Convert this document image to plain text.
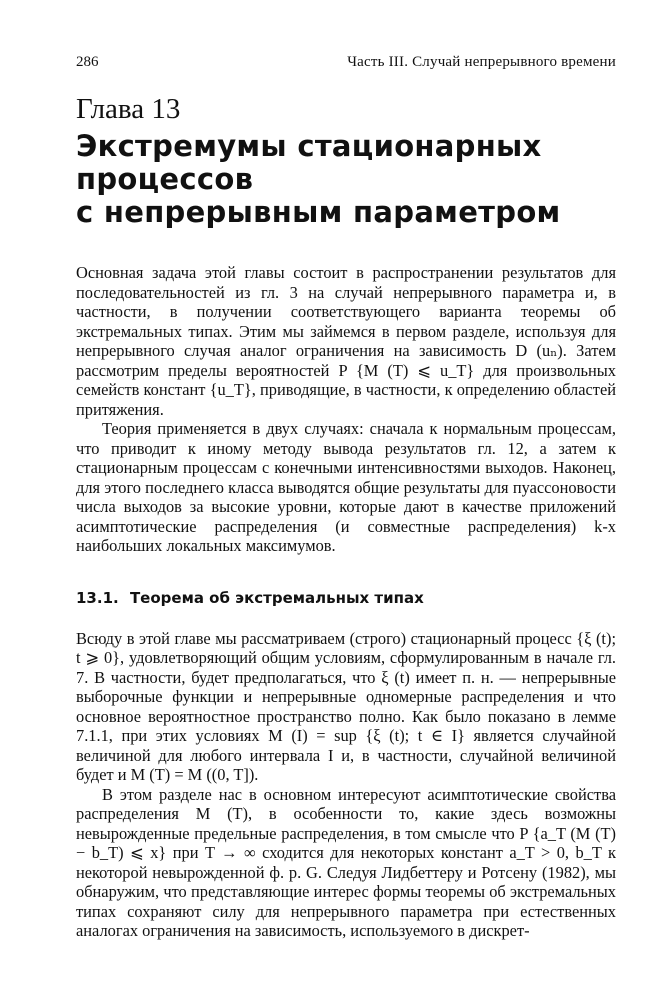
286	Часть III. Случай непрерывного времени
Глава 13
Экстремумы стационарных процессов
с непрерывным параметром

Основная задача этой главы состоит в распространении результатов для последовательностей из гл. 3 на случай непрерывного параметра и, в частности, в получении соответствующего варианта теоремы об экстремальных типах. Этим мы займемся в первом разделе, используя для непрерывного случая аналог ограничения на зависимость D (uₙ). Затем рассмотрим пределы вероятностей P {M (T) ⩽ u_T} для произвольных семейств констант {u_T}, приводящие, в частности, к определению областей притяжения.

Теория применяется в двух случаях: сначала к нормальным процессам, что приводит к иному методу вывода результатов гл. 12, а затем к стационарным процессам с конечными интенсивностями выходов. Наконец, для этого последнего класса выводятся общие результаты для пуассоновости числа выходов за высокие уровни, которые дают в качестве приложений асимптотические распределения (и совместные распределения) k-х наибольших локальных максимумов.

13.1. Теорема об экстремальных типах

Всюду в этой главе мы рассматриваем (строго) стационарный процесс {ξ (t); t ⩾ 0}, удовлетворяющий общим условиям, сформулированным в начале гл. 7. В частности, будет предполагаться, что ξ (t) имеет п. н. — непрерывные выборочные функции и непрерывные одномерные распределения и что основное вероятностное пространство полно. Как было показано в лемме 7.1.1, при этих условиях M (I) = sup {ξ (t); t ∈ I} является случайной величиной для любого интервала I и, в частности, случайной величиной будет и M (T) = M ((0, T]).

В этом разделе нас в основном интересуют асимптотические свойства распределения M (T), в особенности то, какие здесь возможны невырожденные предельные распределения, в том смысле что P {a_T (M (T) − b_T) ⩽ x} при T → ∞ сходится для некоторых констант a_T > 0, b_T к некоторой невырожденной ф. р. G. Следуя Лидбеттеру и Ротсену (1982), мы обнаружим, что представляющие интерес формы теоремы об экстремальных типах сохраняют силу для непрерывного параметра при естественных аналогах ограничения на зависимость, используемого в дискрет-
